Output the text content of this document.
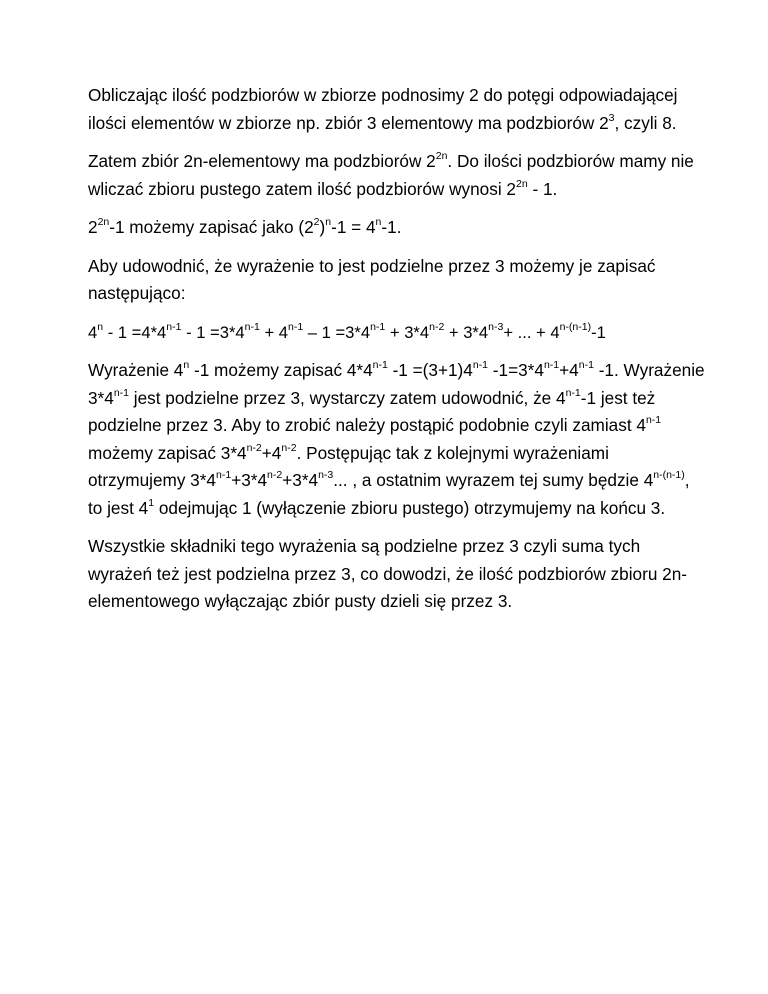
Obliczając ilość podzbiorów w zbiorze podnosimy 2 do potęgi odpowiadającej ilości elementów w zbiorze np. zbiór 3 elementowy ma podzbiorów $2^3$, czyli 8.

Zatem zbiór 2n-elementowy ma podzbiorów $2^{2n}$. Do ilości podzbiorów mamy nie wliczać zbioru pustego zatem ilość podzbiorów wynosi $2^{2n} - 1$.

$2^{2n}-1$ możemy zapisać jako $(2^2)^n-1 = 4^n-1$.

Aby udowodnić, że wyrażenie to jest podzielne przez 3 możemy je zapisać następująco:

$4^n - 1 =4*4^{n-1} - 1 =3*4^{n-1} + 4^{n-1} - 1 =3*4^{n-1} + 3*4^{n-2} + 3*4^{n-3}+$ ... + $4^{n-(n-1)}-1$

Wyrażenie 4$^n$ -1 możemy zapisać 4*4$^{n-1}$ $-1 =(3+1)4^{n-1}$ $-1=3*4^{n-1}+4^{n-1}$ -1. Wyrażenie 3*4$^{n-1}$ jest podzielne przez 3, wystarczy zatem udowodnić, że 4$^{n-1}$-1 jest też podzielne przez 3. Aby to zrobić należy postąpić podobnie czyli zamiast 4$^{n-1}$ możemy zapisać $3*4^{n-2}+4^{n-2}$. Postępując tak z kolejnymi wyrażeniami otrzymujemy $3*4^{n-1}+3*4^{n-2}+3*4^{n-3}$... , a ostatnim wyrazem tej sumy będzie $4^{n-(n-1)}$, to jest $4^1$ odejmując 1 (wyłączenie zbioru pustego) otrzymujemy na końcu 3.

Wszystkie składniki tego wyrażenia są podzielne przez 3 czyli suma tych wyrażeń też jest podzielna przez 3, co dowodzi, że ilość podzbiorów zbioru 2n- elementowego wyłączając zbiór pusty dzieli się przez 3.
